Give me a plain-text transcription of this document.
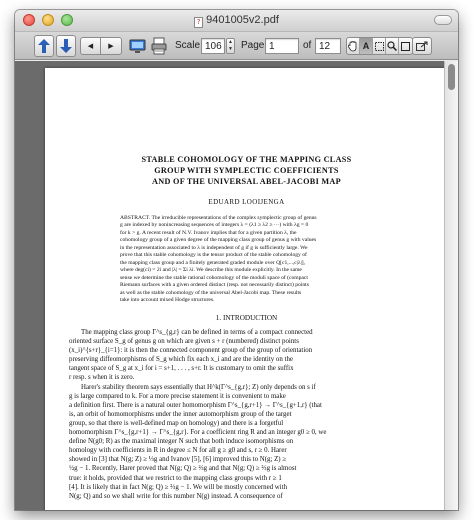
? 9401005v2.pdf
◀	▶	Scale 106	▲
▼ Page 1	of 12	A
STABLE COHOMOLOGY OF THE MAPPING CLASS
GROUP WITH SYMPLECTIC COEFFICIENTS
AND OF THE UNIVERSAL ABEL-JACOBI MAP
EDUARD LOOIJENGA
ABSTRACT. The irreducible representations of the complex symplectic group of genus
g are indexed by nonincreasing sequences of integers λ = (λ1 ≥ λ2 ≥ ···) with λg = 0
for k > g. A recent result of N.V. Ivanov implies that for a given partition λ, the
cohomology group of a given degree of the mapping class group of genus g with values
in the representation associated to λ is independent of g if g is sufficiently large. We
prove that this stable cohomology is the tensor product of the stable cohomology of
the mapping class group and a finitely generated graded module over Q[c1,...,c|λ|],
where deg(ci) = 2i and |λ| = Σi λi. We describe this module explicitly. In the same
sense we determine the stable rational cohomology of the moduli space of (compact
Riemann surfaces with a given ordered distinct (resp. not necessarily distinct) points
as well as the stable cohomology of the universal Abel-Jacobi map. These results
take into account mixed Hodge structures.
1. INTRODUCTION
The mapping class group Γ^s_{g,r} can be defined in terms of a compact connected
oriented surface S_g of genus g on which are given s + r (numbered) distinct points
(x_i)^{s+r}_{i=1}: it is then the connected component group of the group of orientation
preserving diffeomorphisms of S_g which fix each x_i and are the identity on the
tangent space of S_g at x_i for i = s+1, . . . , s+r. It is customary to omit the suffix
r resp. s when it is zero.
Harer's stability theorem says essentially that H^k(Γ^s_{g,r}; Z) only depends on s if
g is large compared to k. For a more precise statement it is convenient to make
a definition first. There is a natural outer homomorphism Γ^s_{g,r+1} → Γ^s_{g+1,r} (that
is, an orbit of homomorphisms under the inner automorphism group of the target
group, so that there is well-defined map on homology) and there is a forgetful
homomorphism Γ^s_{g,r+1} → Γ^s_{g,r}. For a coefficient ring R and an integer g0 ≥ 0, we
define N(g0; R) as the maximal integer N such that both induce isomorphisms on
homology with coefficients in R in degree ≤ N for all g ≥ g0 and s, r ≥ 0. Harer
showed in [3] that N(g; Z) ≥ ⅓g and Ivanov [5], [6] improved this to N(g; Z) ≥
½g − 1. Recently, Harer proved that N(g; Q) ≥ ⅔g and that N(g; Q) ≥ ⅔g is almost
true: it holds, provided that we restrict to the mapping class groups with r ≥ 1
[4]. It is likely that in fact N(g; Q) ≥ ⅔g − 1. We will be mostly concerned with
N(g; Q) and so we shall write for this number N(g) instead. A consequence of
